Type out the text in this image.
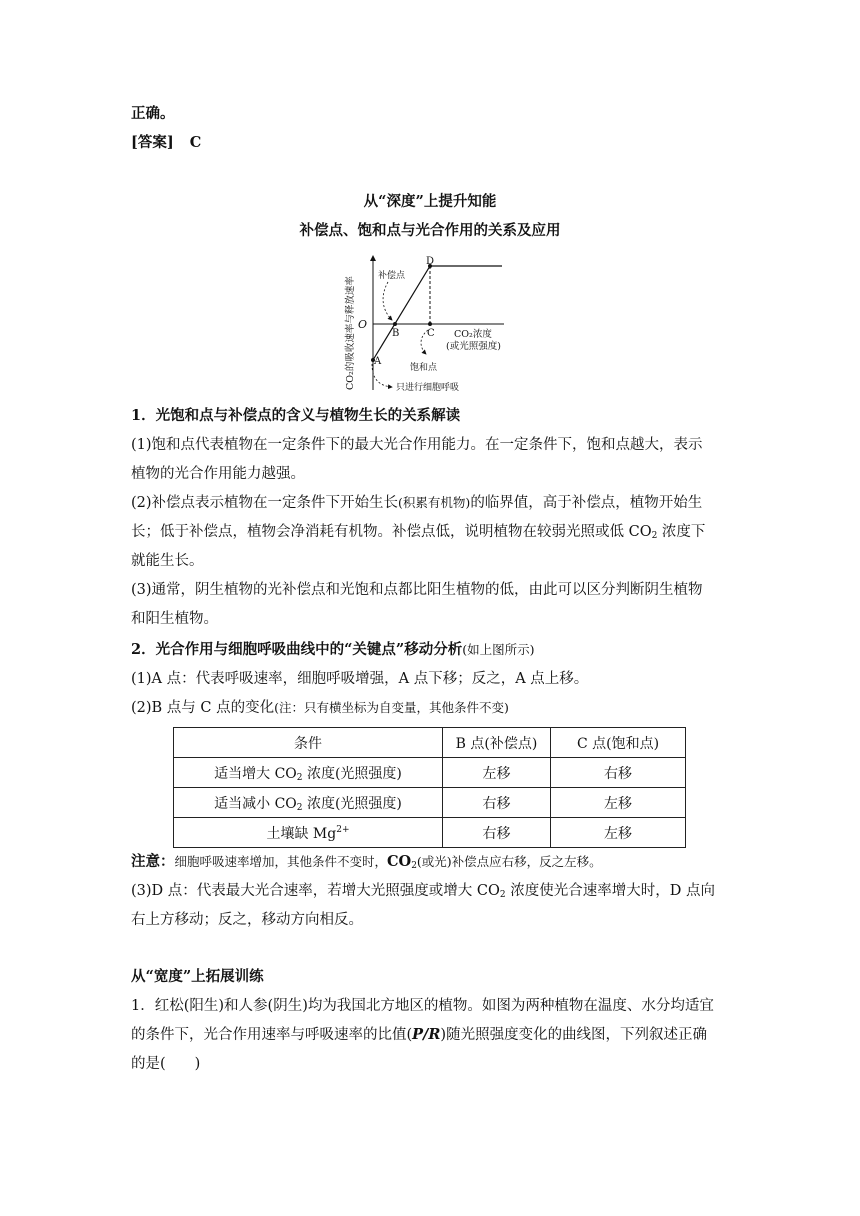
正确。
[答案] C
从“深度”上提升知能
补偿点、饱和点与光合作用的关系及应用
O
A
B	C
D
CO₂的吸收速率与释放速率	CO₂浓度
(或光照强度)
补偿点
饱和点
只进行细胞呼吸
1．光饱和点与补偿点的含义与植物生长的关系解读
(1)饱和点代表植物在一定条件下的最大光合作用能力。在一定条件下，饱和点越大，表示
植物的光合作用能力越强。
(2)补偿点表示植物在一定条件下开始生长(积累有机物)的临界值，高于补偿点，植物开始生
长；低于补偿点，植物会净消耗有机物。补偿点低，说明植物在较弱光照或低 $CO_2$ 浓度下
就能生长。
(3)通常，阴生植物的光补偿点和光饱和点都比阳生植物的低，由此可以区分判断阴生植物
和阳生植物。
2．光合作用与细胞呼吸曲线中的“关键点”移动分析(如上图所示)
(1)A 点：代表呼吸速率，细胞呼吸增强，A 点下移；反之，A 点上移。
(2)B 点与 C 点的变化(注：只有横坐标为自变量，其他条件不变)
条件	B 点(补偿点)	C 点(饱和点)
适当增大 $CO_2$ 浓度(光照强度)	左移	右移
适当减小 $CO_2$ 浓度(光照强度)	右移	左移
土壤缺 $Mg^{2+}$	右移	左移
注意：细胞呼吸速率增加，其他条件不变时，$CO_2$(或光)补偿点应右移，反之左移。
(3)D 点：代表最大光合速率，若增大光照强度或增大 $CO_2$ 浓度使光合速率增大时，D 点向
右上方移动；反之，移动方向相反。
从“宽度”上拓展训练
1．红松(阳生)和人参(阴生)均为我国北方地区的植物。如图为两种植物在温度、水分均适宜
的条件下，光合作用速率与呼吸速率的比值(P/R)随光照强度变化的曲线图，下列叙述正确
的是(　　)
